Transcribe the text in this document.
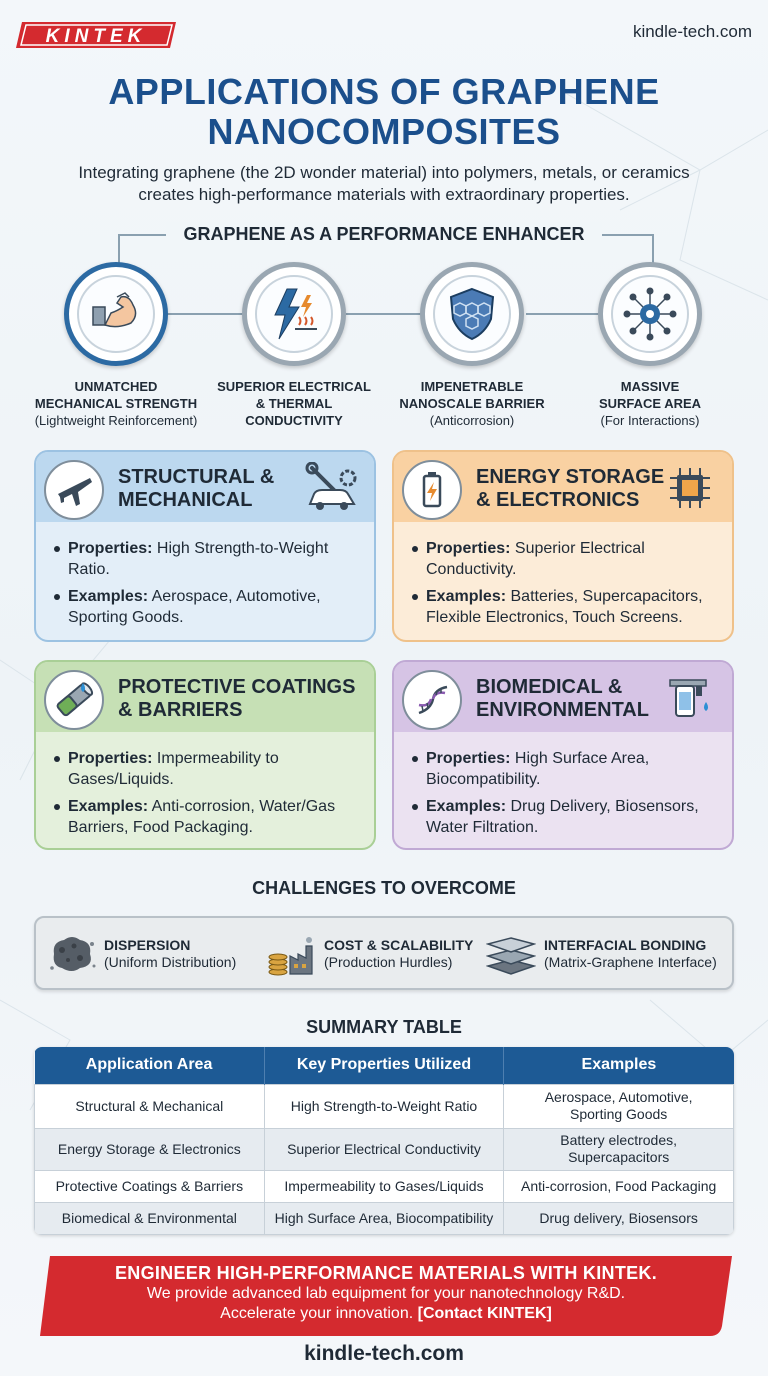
KINTEK	kindle-tech.com
APPLICATIONS OF GRAPHENE
NANOCOMPOSITES
Integrating graphene (the 2D wonder material) into polymers, metals, or ceramics
creates high-performance materials with extraordinary properties.
GRAPHENE AS A PERFORMANCE ENHANCER
UNMATCHED
MECHANICAL STRENGTH
(Lightweight Reinforcement)
SUPERIOR ELECTRICAL
& THERMAL
CONDUCTIVITY
IMPENETRABLE
NANOSCALE BARRIER
(Anticorrosion)
MASSIVE
SURFACE AREA
(For Interactions)
STRUCTURAL &
MECHANICAL
Properties: High Strength-to-Weight
Ratio.
Examples: Aerospace, Automotive,
Sporting Goods.
ENERGY STORAGE
& ELECTRONICS
Properties: Superior Electrical
Conductivity.
Examples: Batteries, Supercapacitors,
Flexible Electronics, Touch Screens.
PROTECTIVE COATINGS
& BARRIERS
Properties: Impermeability to
Gases/Liquids.
Examples: Anti-corrosion, Water/Gas
Barriers, Food Packaging.
BIOMEDICAL &
ENVIRONMENTAL
Properties: High Surface Area,
Biocompatibility.
Examples: Drug Delivery, Biosensors,
Water Filtration.
CHALLENGES TO OVERCOME
DISPERSION
(Uniform Distribution)
COST & SCALABILITY
(Production Hurdles)
INTERFACIAL BONDING
(Matrix-Graphene Interface)
SUMMARY TABLE
Application Area	Key Properties Utilized	Examples
Structural & Mechanical	High Strength-to-Weight Ratio	Aerospace, Automotive,
Sporting Goods
Energy Storage & Electronics	Superior Electrical Conductivity	Battery electrodes,
Supercapacitors
Protective Coatings & Barriers	Impermeability to Gases/Liquids	Anti-corrosion, Food Packaging
Biomedical & Environmental	High Surface Area, Biocompatibility	Drug delivery, Biosensors
ENGINEER HIGH-PERFORMANCE MATERIALS WITH KINTEK.
We provide advanced lab equipment for your nanotechnology R&D.
Accelerate your innovation. [Contact KINTEK]
kindle-tech.com
